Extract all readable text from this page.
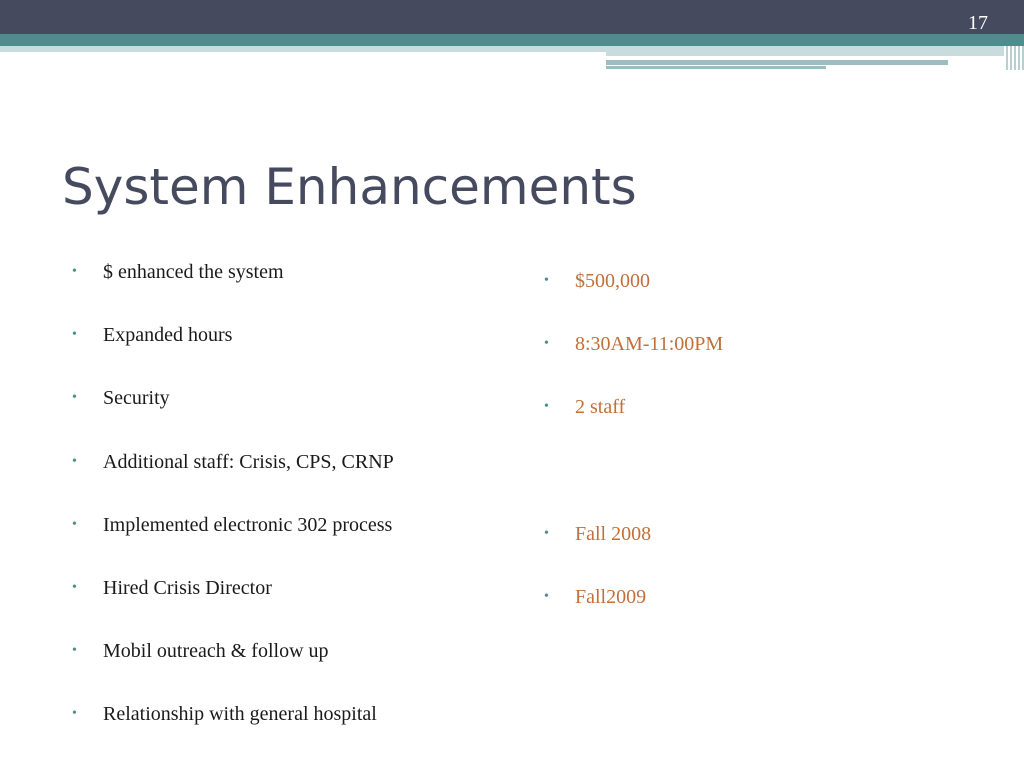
17
System Enhancements
• $ enhanced the system
• Expanded hours
• Security
• Additional staff: Crisis, CPS, CRNP
• Implemented electronic 302 process
• Hired Crisis Director
• Mobil outreach & follow up
• Relationship with general hospital
• $500,000
• 8:30AM-11:00PM
• 2 staff
• Fall 2008
• Fall2009
